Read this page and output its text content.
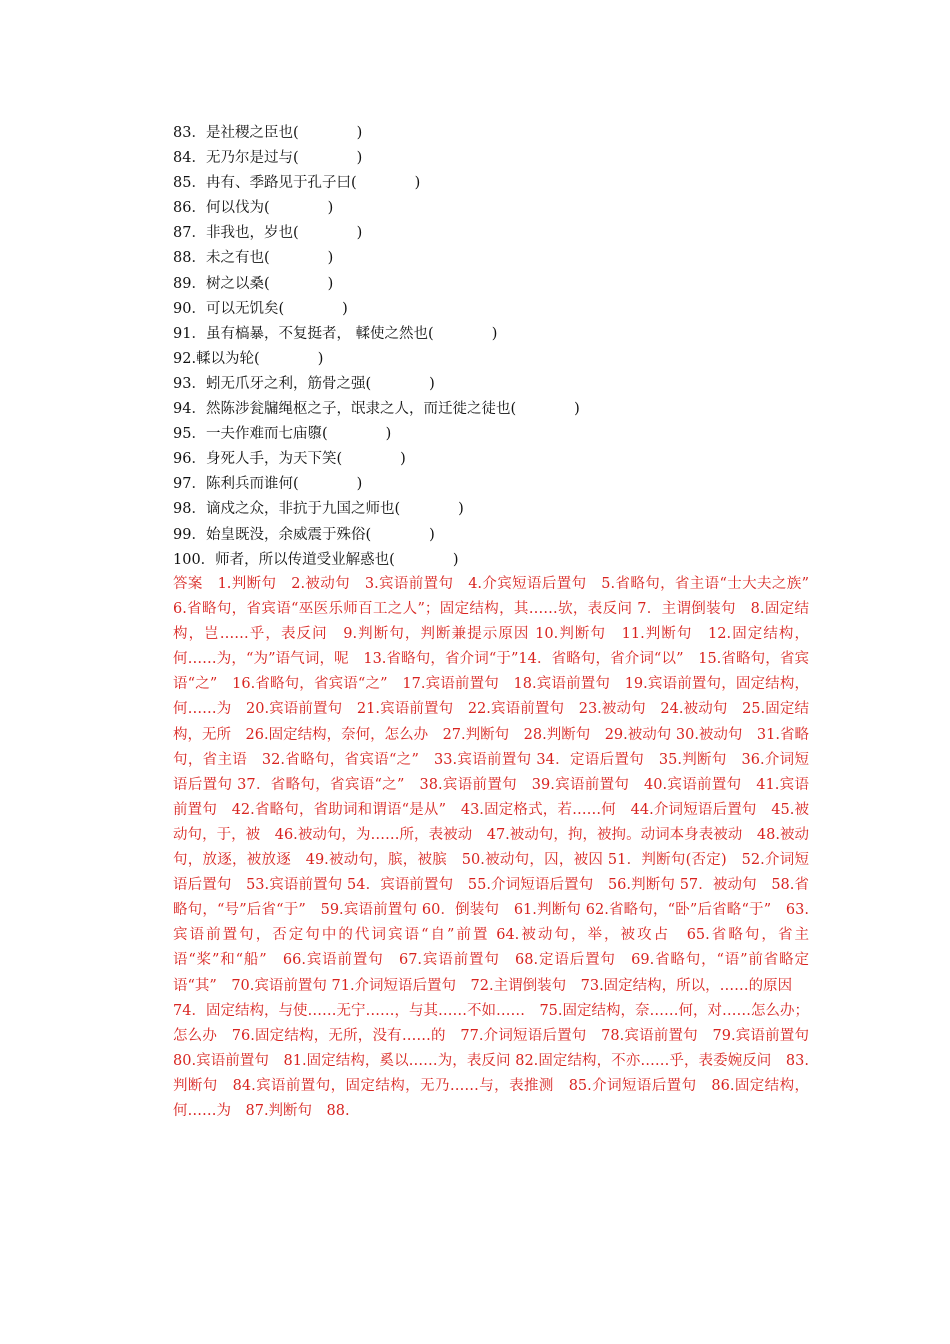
83．是社稷之臣也(　　　　)
84．无乃尔是过与(　　　　)
85．冉有、季路见于孔子曰(　　　　)
86．何以伐为(　　　　)
87．非我也，岁也(　　　　)
88．未之有也(　　　　)
89．树之以桑(　　　　)
90．可以无饥矣(　　　　)
91．虽有槁暴，不复挺者， 輮使之然也(　　　　)
92.輮以为轮(　　　　)
93．蚓无爪牙之利，筋骨之强(　　　　)
94．然陈涉瓮牖绳枢之子，氓隶之人，而迁徙之徒也(　　　　)
95．一夫作难而七庙隳(　　　　)
96．身死人手，为天下笑(　　　　)
97．陈利兵而谁何(　　　　)
98．谪戍之众，非抗于九国之师也(　　　　)
99．始皇既没，余威震于殊俗(　　　　)
100．师者，所以传道受业解惑也(　　　　)
答案　1.判断句　2.被动句　3.宾语前置句　4.介宾短语后置句　5.省略句，省主语“士大夫之族”　6.省略句，省宾语“巫医乐师百工之人”；固定结构，其……欤，表反问 7．主谓倒装句　8.固定结构，岂……乎，表反问　9.判断句，判断兼提示原因 10.判断句　11.判断句　12.固定结构，何……为，“为”语气词，呢　13.省略句，省介词“于”14．省略句，省介词“以”　15.省略句，省宾语“之”　16.省略句，省宾语“之”　17.宾语前置句　18.宾语前置句　19.宾语前置句，固定结构，何……为　20.宾语前置句　21.宾语前置句　22.宾语前置句　23.被动句　24.被动句　25.固定结构，无所　26.固定结构，奈何，怎么办　27.判断句　28.判断句　29.被动句 30.被动句　31.省略句，省主语　32.省略句，省宾语“之”　33.宾语前置句 34．定语后置句　35.判断句　36.介词短语后置句 37．省略句，省宾语“之”　38.宾语前置句　39.宾语前置句　40.宾语前置句　41.宾语前置句　42.省略句，省助词和谓语“是从”　43.固定格式，若……何　44.介词短语后置句　45.被动句，于，被　46.被动句，为……所，表被动　47.被动句，拘，被拘。动词本身表被动　48.被动句，放逐，被放逐　49.被动句，膑，被膑　50.被动句，囚，被囚 51．判断句(否定)　52.介词短语后置句　53.宾语前置句 54．宾语前置句　55.介词短语后置句　56.判断句 57．被动句　58.省略句，“号”后省“于”　59.宾语前置句 60．倒装句　61.判断句 62.省略句，“卧”后省略“于”　63.宾语前置句，否定句中的代词宾语“自”前置 64.被动句，举，被攻占　65.省略句，省主语“桨”和“船”　66.宾语前置句　67.宾语前置句　68.定语后置句　69.省略句，“语”前省略定语“其”　70.宾语前置句 71.介词短语后置句　72.主谓倒装句　73.固定结构，所以，……的原因
74．固定结构，与使……无宁……，与其……不如……　75.固定结构，奈……何，对……怎么办；怎么办　76.固定结构，无所，没有……的　77.介词短语后置句　78.宾语前置句　79.宾语前置句　80.宾语前置句　81.固定结构，奚以……为，表反问 82.固定结构，不亦……乎，表委婉反问　83.判断句　84.宾语前置句，固定结构，无乃……与，表推测　85.介词短语后置句　86.固定结构，何……为　87.判断句　88.
